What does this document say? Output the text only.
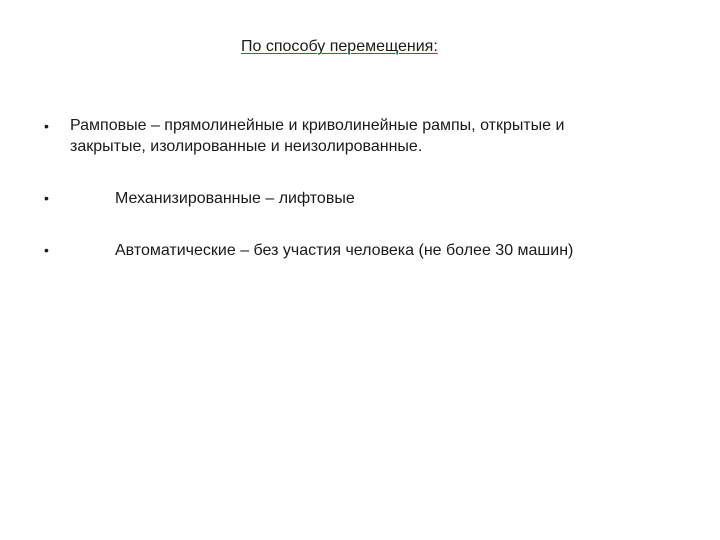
По способу перемещения:
• Рамповые – прямолинейные и криволинейные рампы, открытые и
закрытые, изолированные и неизолированные.
•	Механизированные – лифтовые
•	Автоматические – без участия человека (не более 30 машин)
